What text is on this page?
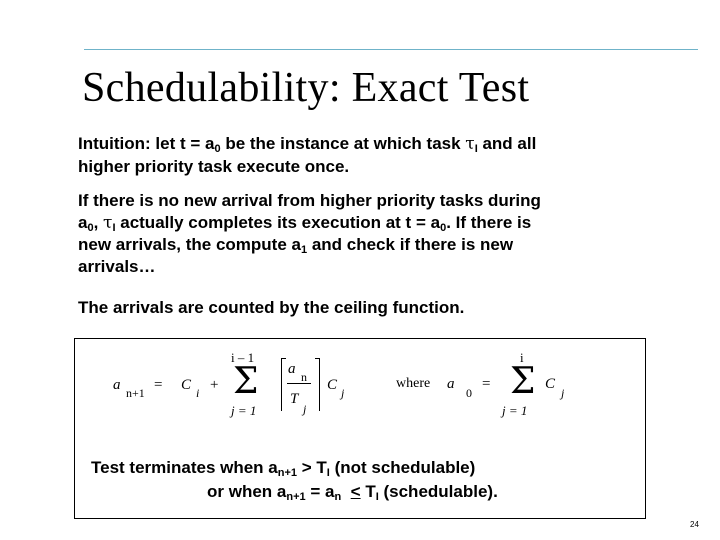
Schedulability: Exact Test

Intuition: let $t = a_0$ be the instance at which task $\tau_I$ and all
higher priority task execute once.

If there is no new arrival from higher priority tasks during
$a_0$, $\tau_I$ actually completes its execution at $t = a_0$. If there is
new arrivals, the compute $a_1$ and check if there is new
arrivals…

The arrivals are counted by the ceiling function.

a n+1 = C i +
i – 1
Σ
j = 1
a n
T
j
C j
where a
0
=
i
Σ
j = 1
C
j
Test terminates when $a_{n+1} > T_I$ (not schedulable)
or when $a_{n+1} = a_n \le T_I$ (schedulable).
24
